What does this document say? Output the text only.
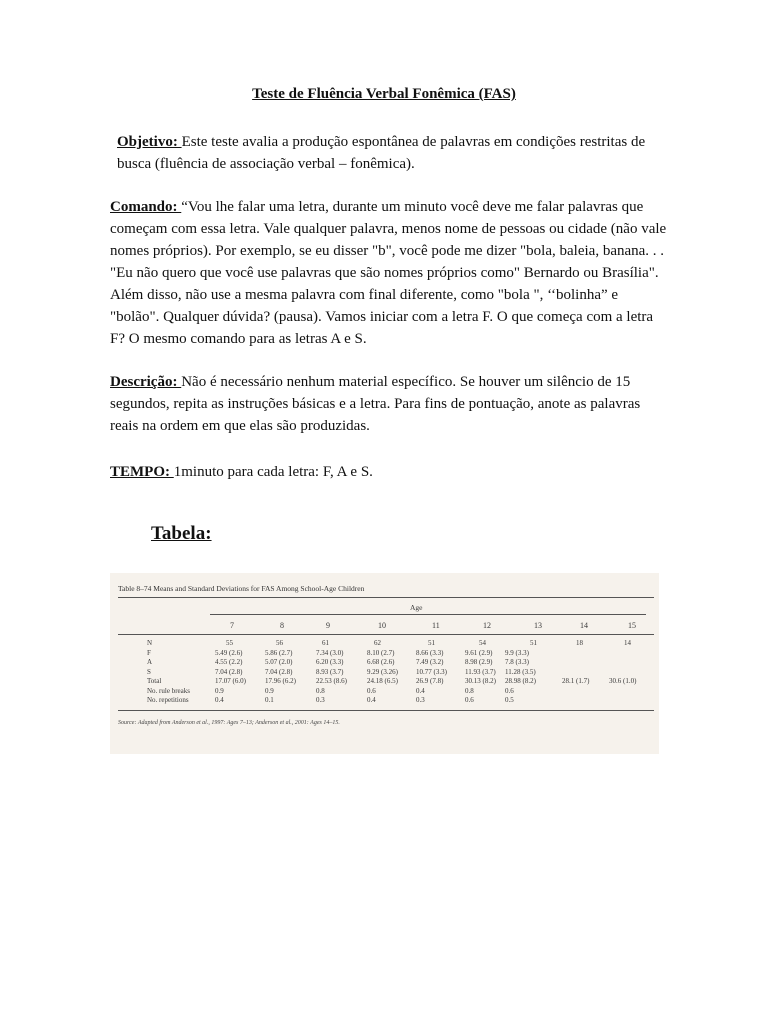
Teste de Fluência Verbal Fonêmica (FAS)

Objetivo: Este teste avalia a produção espontânea de palavras em condições restritas de busca (fluência de associação verbal – fonêmica).

Comando: “Vou lhe falar uma letra, durante um minuto você deve me falar palavras que começam com essa letra. Vale qualquer palavra, menos nome de pessoas ou cidade (não vale nomes próprios). Por exemplo, se eu disser "b", você pode me dizer "bola, baleia, banana. . . "Eu não quero que você use palavras que são nomes próprios como" Bernardo ou Brasília". Além disso, não use a mesma palavra com final diferente, como "bola ", ‘‘bolinha” e "bolão". Qualquer dúvida? (pausa). Vamos iniciar com a letra F. O que começa com a letra F? O mesmo comando para as letras A e S.

Descrição: Não é necessário nenhum material específico. Se houver um silêncio de 15 segundos, repita as instruções básicas e a letra. Para fins de pontuação, anote as palavras reais na ordem em que elas são produzidas.

TEMPO: 1minuto para cada letra: F, A e S.

Tabela:
Table 8–74 Means and Standard Deviations for FAS Among School-Age Children
Age
7	8	9	10	11	12	13	14	15
N	55	56	61	62	51	54	51	18	14
F	5.49 (2.6)	5.86 (2.7)	7.34 (3.0)	8.10 (2.7)	8.66 (3.3)	9.61 (2.9) 9.9 (3.3)
A	4.55 (2.2)	5.07 (2.0)	6.20 (3.3)	6.68 (2.6)	7.49 (3.2)	8.98 (2.9) 7.8 (3.3)
S	7.04 (2.8)	7.04 (2.8)	8.93 (3.7)	9.29 (3.26)	10.77 (3.3)	11.93 (3.7) 11.28 (3.5)
Total	17.07 (6.0)	17.96 (6.2)	22.53 (8.6)	24.18 (6.5)	26.9 (7.8)	30.13 (8.2) 28.98 (8.2)	28.1 (1.7)	30.6 (1.0)
No. rule breaks	0.9	0.9	0.8	0.6	0.4	0.8	0.6
No. repetitions	0.4	0.1	0.3	0.4	0.3	0.6	0.5
Source: Adapted from Anderson et al., 1997: Ages 7–13; Anderson et al., 2001: Ages 14–15.
